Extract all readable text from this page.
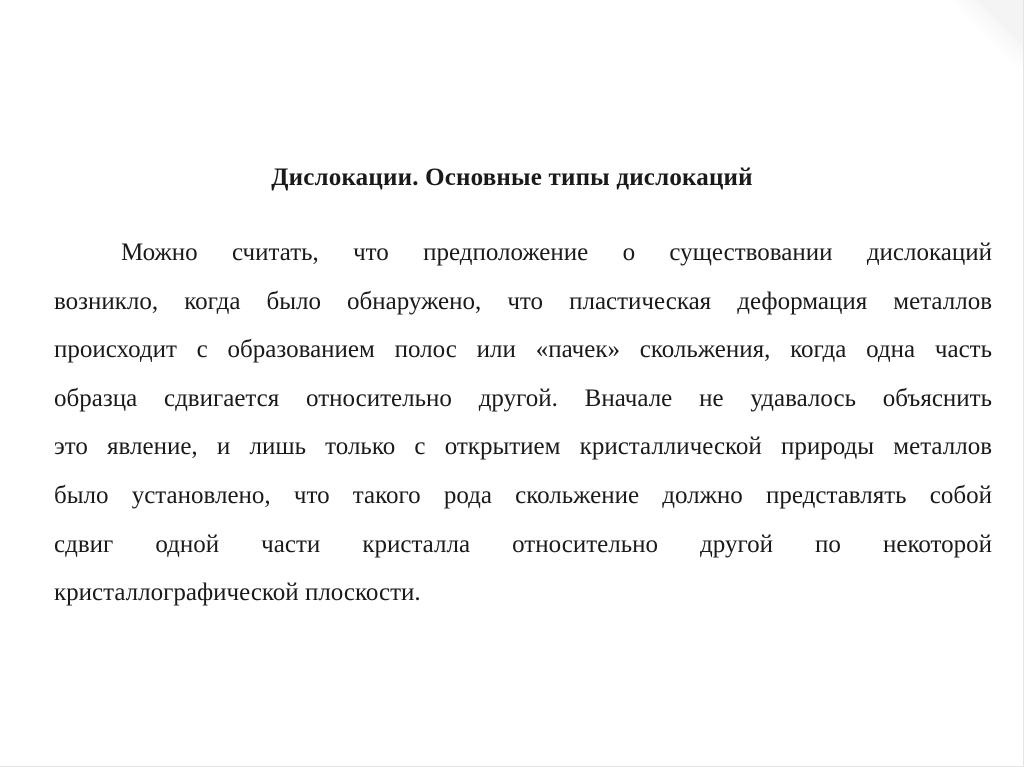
Дислокации. Основные типы дислокаций
Можно считать, что предположение о существовании дислокаций
возникло, когда было обнаружено, что пластическая деформация металлов
происходит с образованием полос или «пачек» скольжения, когда одна часть
образца сдвигается относительно другой. Вначале не удавалось объяснить
это явление, и лишь только с открытием кристаллической природы металлов
было установлено, что такого рода скольжение должно представлять собой
сдвиг одной части кристалла относительно другой по некоторой
кристаллографической плоскости.
